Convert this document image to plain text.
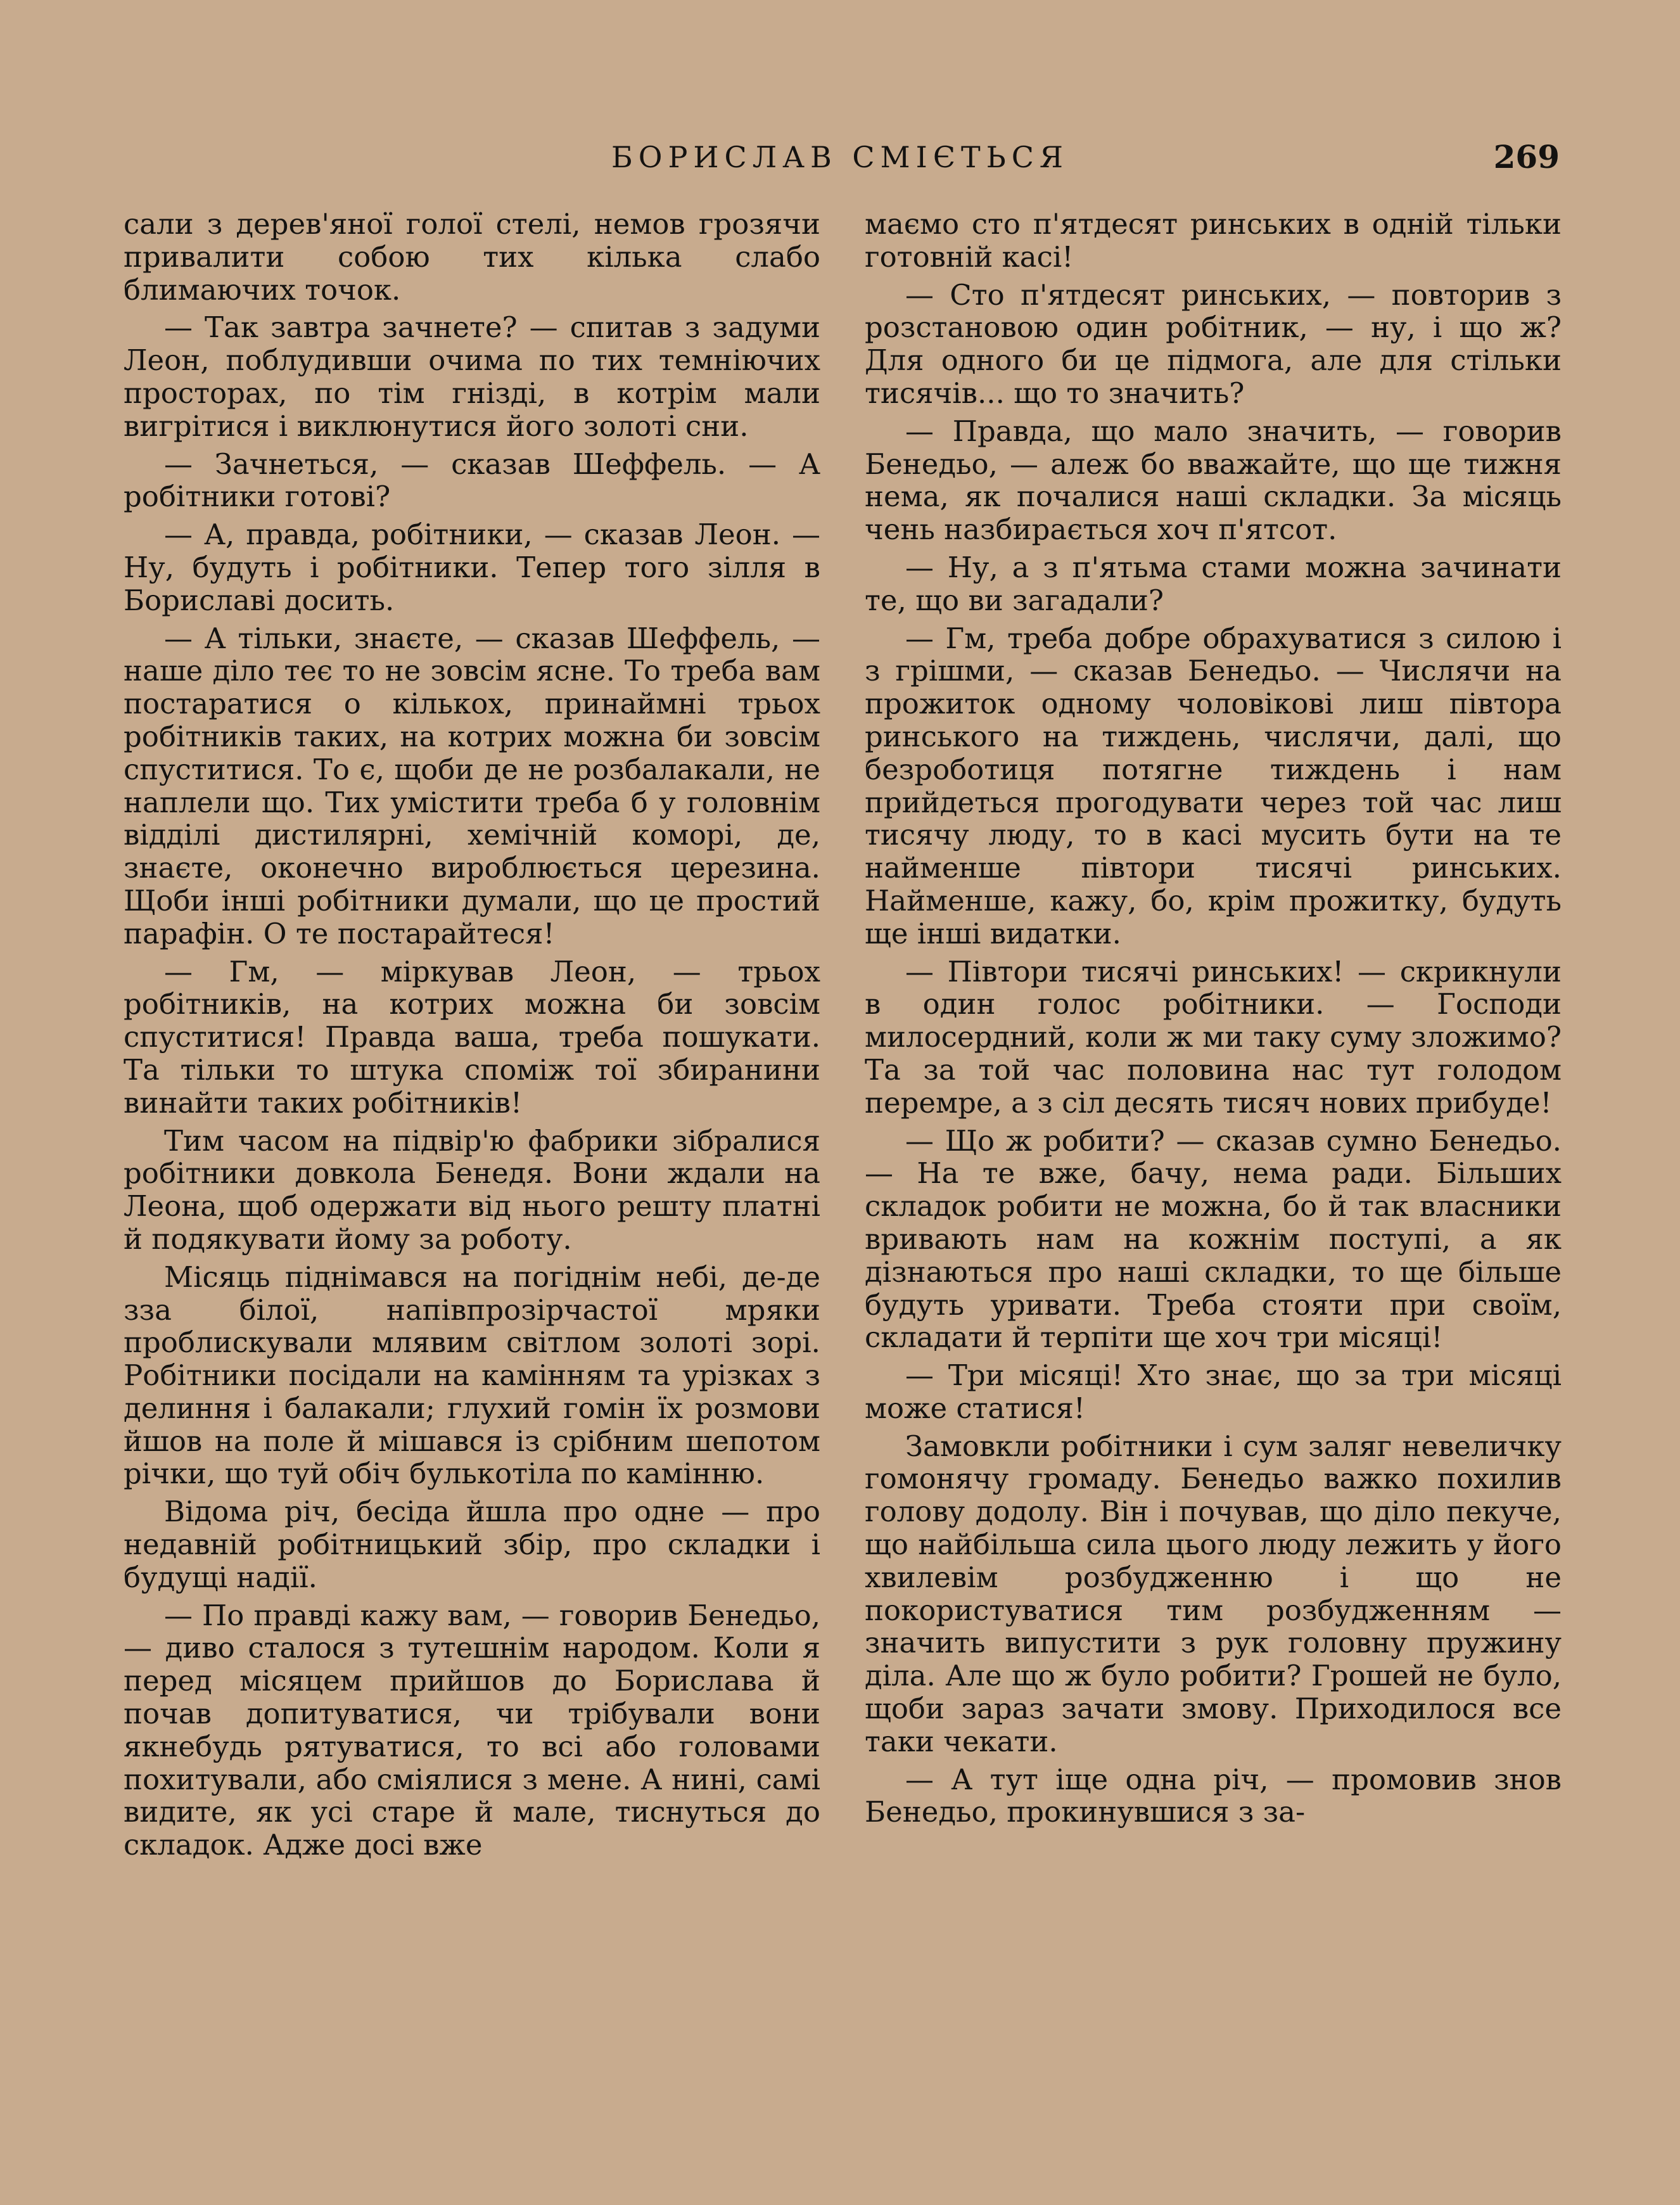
БОРИСЛАВ СМІЄТЬСЯ	269

сали з дерев'яної голої стелі, немов грозячи привалити собою тих кілька слабо блимаючих точок.

— Так завтра зачнете? — спитав з задуми Леон, поблудивши очима по тих темніючих просторах, по тім гнізді, в котрім мали вигрітися і виклюнутися його золоті сни.

— Зачнеться, — сказав Шеффель. — А робітники готові?

— А, правда, робітники, — сказав Леон. — Ну, будуть і робітники. Тепер того зілля в Бориславі досить.

— А тільки, знаєте, — сказав Шеффель, — наше діло теє то не зовсім ясне. То треба вам постаратися о кількох, принаймні трьох робітників таких, на котрих можна би зовсім спуститися. То є, щоби де не розбалакали, не наплели що. Тих умістити треба б у головнім відділі дистилярні, хемічній коморі, де, знаєте, оконечно вироблюється церезина. Щоби інші робітники думали, що це простий парафін. О те постарайтеся!

— Гм, — міркував Леон, — трьох робітників, на котрих можна би зовсім спуститися! Правда ваша, треба пошукати. Та тільки то штука споміж тої збиранини винайти таких робітників!

Тим часом на підвір'ю фабрики зібралися робітники довкола Бенедя. Вони ждали на Леона, щоб одержати від нього решту платні й подякувати йому за роботу.

Місяць піднімався на погіднім небі, де-де зза білої, напівпрозірчастої мряки проблискували млявим світлом золоті зорі. Робітники посідали на камінням та урізках з делиння і балакали; глухий гомін їх розмови йшов на поле й мішався із срібним шепотом річки, що туй обіч булькотіла по камінню.

Відома річ, бесіда йшла про одне — про недавній робітницький збір, про складки і будущі надії.

— По правді кажу вам, — говорив Бенедьо, — диво сталося з тутешнім народом. Коли я перед місяцем прийшов до Борислава й почав допитуватися, чи трібували вони якнебудь рятуватися, то всі або головами похитували, або сміялися з мене. А нині, самі видите, як усі старе й мале, тиснуться до складок. Адже досі вже

маємо сто п'ятдесят ринських в одній тільки готовній касі!

— Сто п'ятдесят ринських, — повторив з розстановою один робітник, — ну, і що ж? Для одного би це підмога, але для стільки тисячів... що то значить?

— Правда, що мало значить, — говорив Бенедьо, — алеж бо вважайте, що ще тижня нема, як почалися наші складки. За місяць чень назбирається хоч п'ятсот.

— Ну, а з п'ятьма стами можна зачинати те, що ви загадали?

— Гм, треба добре обрахуватися з силою і з грішми, — сказав Бенедьо. — Числячи на прожиток одному чоловікові лиш півтора ринського на тиждень, числячи, далі, що безроботиця потягне тиждень і нам прийдеться прогодувати через той час лиш тисячу люду, то в касі мусить бути на те найменше півтори тисячі ринських. Найменше, кажу, бо, крім прожитку, будуть ще інші видатки.

— Півтори тисячі ринських! — скрикнули в один голос робітники. — Господи милосердний, коли ж ми таку суму зложимо? Та за той час половина нас тут голодом перемре, а з сіл десять тисяч нових прибуде!

— Що ж робити? — сказав сумно Бенедьо. — На те вже, бачу, нема ради. Більших складок робити не можна, бо й так власники вривають нам на кожнім поступі, а як дізнаються про наші складки, то ще більше будуть уривати. Треба стояти при своїм, складати й терпіти ще хоч три місяці!

— Три місяці! Хто знає, що за три місяці може статися!

Замовкли робітники і сум заляг невеличку гомонячу громаду. Бенедьо важко похилив голову додолу. Він і почував, що діло пекуче, що найбільша сила цього люду лежить у його хвилевім розбудженню і що не покористуватися тим розбудженням — значить випустити з рук головну пружину діла. Але що ж було робити? Грошей не було, щоби зараз зачати змову. Приходилося все таки чекати.

— А тут іще одна річ, — промовив знов Бенедьо, прокинувшися з за-
